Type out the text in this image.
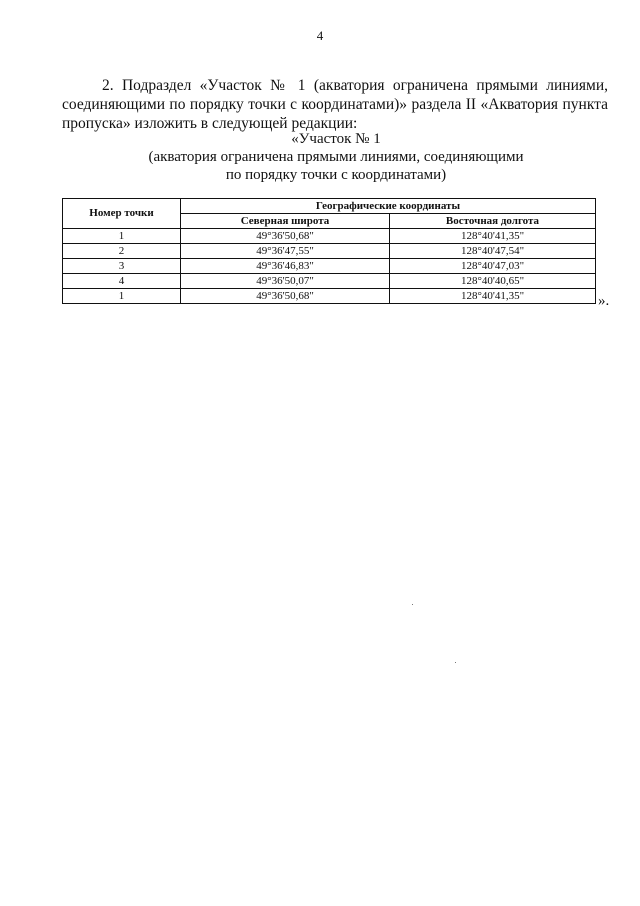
4

2. Подраздел «Участок № 1 (акватория ограничена прямыми линиями, соединяющими по порядку точки с координатами)» раздела II «Акватория пункта пропуска» изложить в следующей редакции:

«Участок № 1
(акватория ограничена прямыми линиями, соединяющими
по порядку точки с координатами)
Номер точки	Географические координаты	
	Северная широта	Восточная долгота
1	49°36'50,68"	128°40'41,35"
2	49°36'47,55"	128°40'47,54"
3	49°36'46,83"	128°40'47,03"
4	49°36'50,07"	128°40'40,65"
1	49°36'50,68"	128°40'41,35"	».
